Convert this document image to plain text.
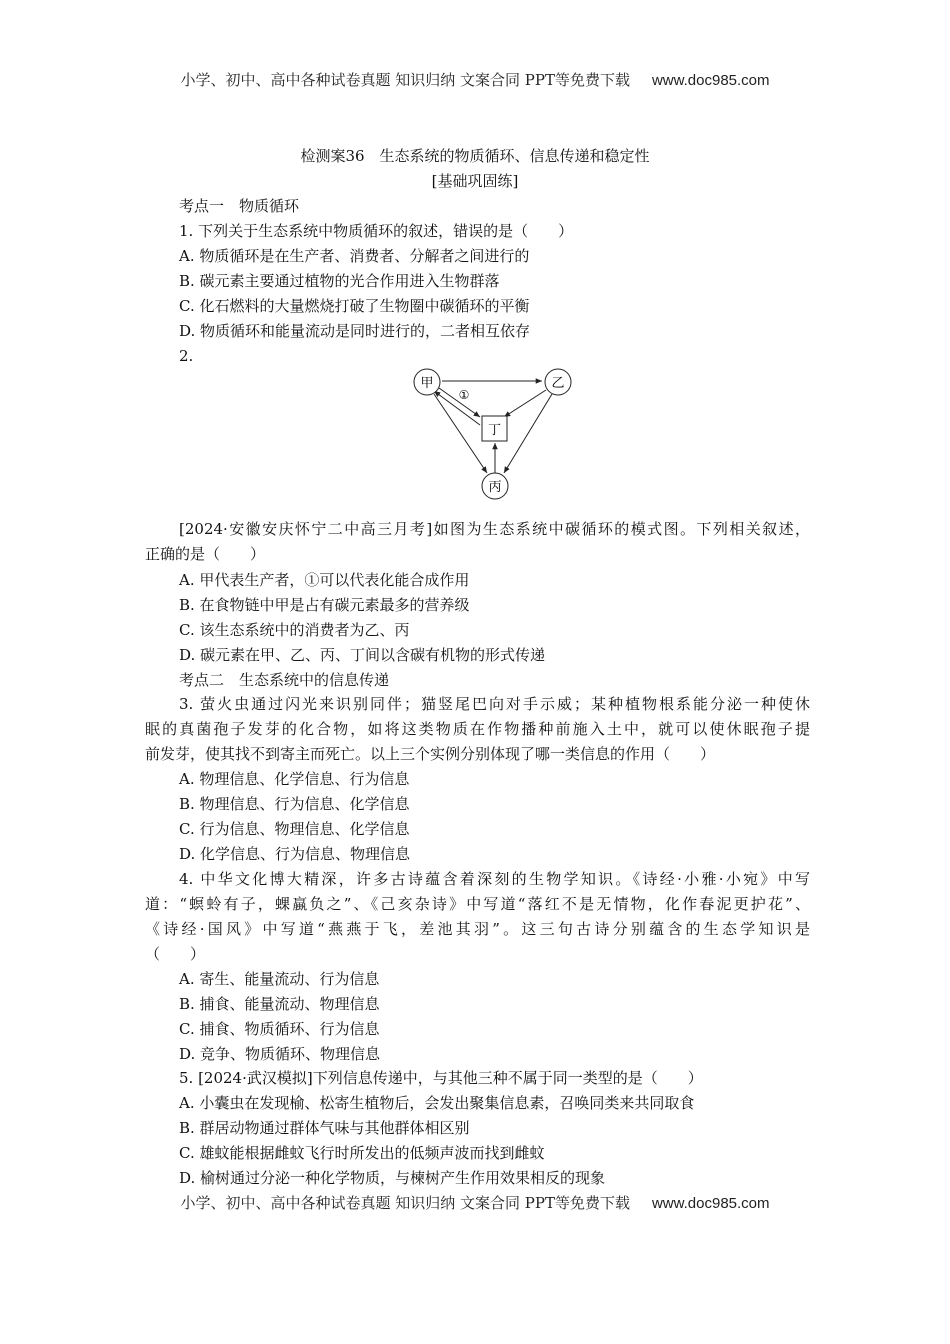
小学、初中、高中各种试卷真题 知识归纳 文案合同 PPT等免费下载 www.doc985.com
检测案36　生态系统的物质循环、信息传递和稳定性
[基础巩固练]
考点一　物质循环
1. 下列关于生态系统中物质循环的叙述，错误的是（　　）
A. 物质循环是在生产者、消费者、分解者之间进行的
B. 碳元素主要通过植物的光合作用进入生物群落
C. 化石燃料的大量燃烧打破了生物圈中碳循环的平衡
D. 物质循环和能量流动是同时进行的，二者相互依存
2.
甲	乙
丙
丁
①
[2024·安徽安庆怀宁二中高三月考]如图为生态系统中碳循环的模式图。下列相关叙述，
正确的是（　　）
A. 甲代表生产者，①可以代表化能合成作用
B. 在食物链中甲是占有碳元素最多的营养级
C. 该生态系统中的消费者为乙、丙
D. 碳元素在甲、乙、丙、丁间以含碳有机物的形式传递
考点二　生态系统中的信息传递
3. 萤火虫通过闪光来识别同伴；猫竖尾巴向对手示威；某种植物根系能分泌一种使休
眠的真菌孢子发芽的化合物，如将这类物质在作物播种前施入土中，就可以使休眠孢子提
前发芽，使其找不到寄主而死亡。以上三个实例分别体现了哪一类信息的作用（　　）
A. 物理信息、化学信息、行为信息
B. 物理信息、行为信息、化学信息
C. 行为信息、物理信息、化学信息
D. 化学信息、行为信息、物理信息
4. 中华文化博大精深，许多古诗蕴含着深刻的生物学知识。《诗经·小雅·小宛》中写
道：“螟蛉有子，蜾蠃负之”、《己亥杂诗》中写道“落红不是无情物，化作春泥更护花”、
《诗经·国风》中写道“燕燕于飞，差池其羽”。这三句古诗分别蕴含的生态学知识是
（　　）
A. 寄生、能量流动、行为信息
B. 捕食、能量流动、物理信息
C. 捕食、物质循环、行为信息
D. 竞争、物质循环、物理信息
5. [2024·武汉模拟]下列信息传递中，与其他三种不属于同一类型的是（　　）
A. 小囊虫在发现榆、松寄生植物后，会发出聚集信息素，召唤同类来共同取食
B. 群居动物通过群体气味与其他群体相区别
C. 雄蚊能根据雌蚊飞行时所发出的低频声波而找到雌蚊
D. 榆树通过分泌一种化学物质，与楝树产生作用效果相反的现象
小学、初中、高中各种试卷真题 知识归纳 文案合同 PPT等免费下载 www.doc985.com
